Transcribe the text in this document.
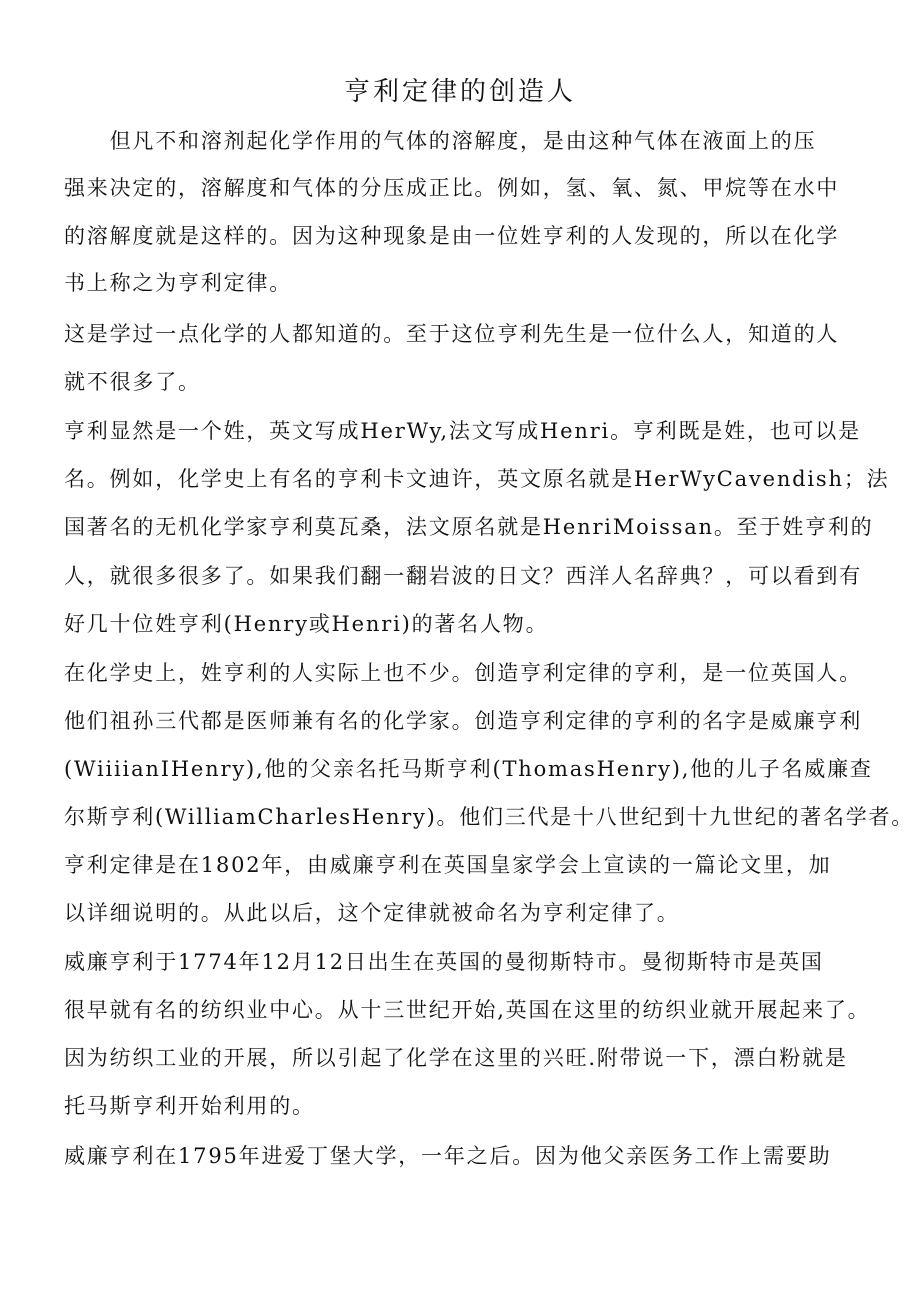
亨利定律的创造人

　　但凡不和溶剂起化学作用的气体的溶解度，是由这种气体在液面上的压

强来决定的，溶解度和气体的分压成正比。例如，氢、氧、氮、甲烷等在水中

的溶解度就是这样的。因为这种现象是由一位姓亨利的人发现的，所以在化学

书上称之为亨利定律。

这是学过一点化学的人都知道的。至于这位亨利先生是一位什么人，知道的人

就不很多了。

亨利显然是一个姓，英文写成HerWy,法文写成Henri。亨利既是姓，也可以是

名。例如，化学史上有名的亨利卡文迪许，英文原名就是HerWyCavendish；法

国著名的无机化学家亨利莫瓦桑，法文原名就是HenriMoissan。至于姓亨利的

人，就很多很多了。如果我们翻一翻岩波的日文？西洋人名辞典？，可以看到有

好几十位姓亨利(Henry或Henri)的著名人物。

在化学史上，姓亨利的人实际上也不少。创造亨利定律的亨利，是一位英国人。

他们祖孙三代都是医师兼有名的化学家。创造亨利定律的亨利的名字是威廉亨利

(WiiiianIHenry),他的父亲名托马斯亨利(ThomasHenry),他的儿子名威廉查

尔斯亨利(WilliamCharlesHenry)。他们三代是十八世纪到十九世纪的著名学者。

亨利定律是在1802年，由威廉亨利在英国皇家学会上宣读的一篇论文里，加

以详细说明的。从此以后，这个定律就被命名为亨利定律了。

威廉亨利于1774年12月12日出生在英国的曼彻斯特市。曼彻斯特市是英国

很早就有名的纺织业中心。从十三世纪开始,英国在这里的纺织业就开展起来了。

因为纺织工业的开展，所以引起了化学在这里的兴旺.附带说一下，漂白粉就是

托马斯亨利开始利用的。

威廉亨利在1795年进爱丁堡大学，一年之后。因为他父亲医务工作上需要助
